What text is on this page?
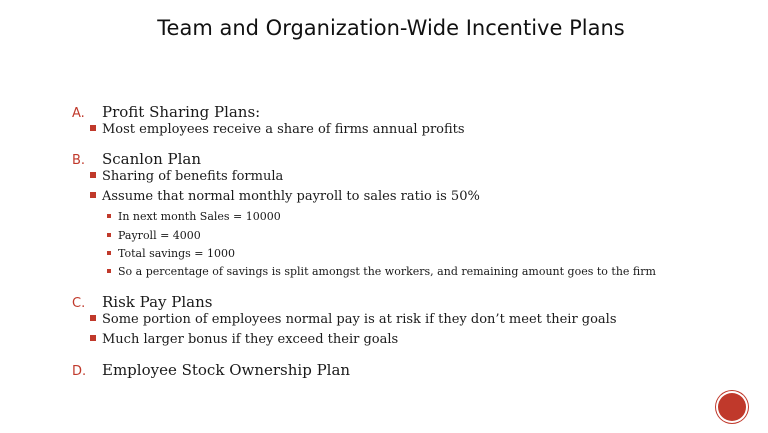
Team and Organization-Wide Incentive Plans
A. Profit Sharing Plans:
Most employees receive a share of firms annual profits
B. Scanlon Plan
Sharing of benefits formula
Assume that normal monthly payroll to sales ratio is 50%
In next month Sales = 10000
Payroll = 4000
Total savings = 1000
So a percentage of savings is split amongst the workers, and remaining amount goes to the firm
C. Risk Pay Plans
Some portion of employees normal pay is at risk if they don’t meet their goals
Much larger bonus if they exceed their goals
D. Employee Stock Ownership Plan
